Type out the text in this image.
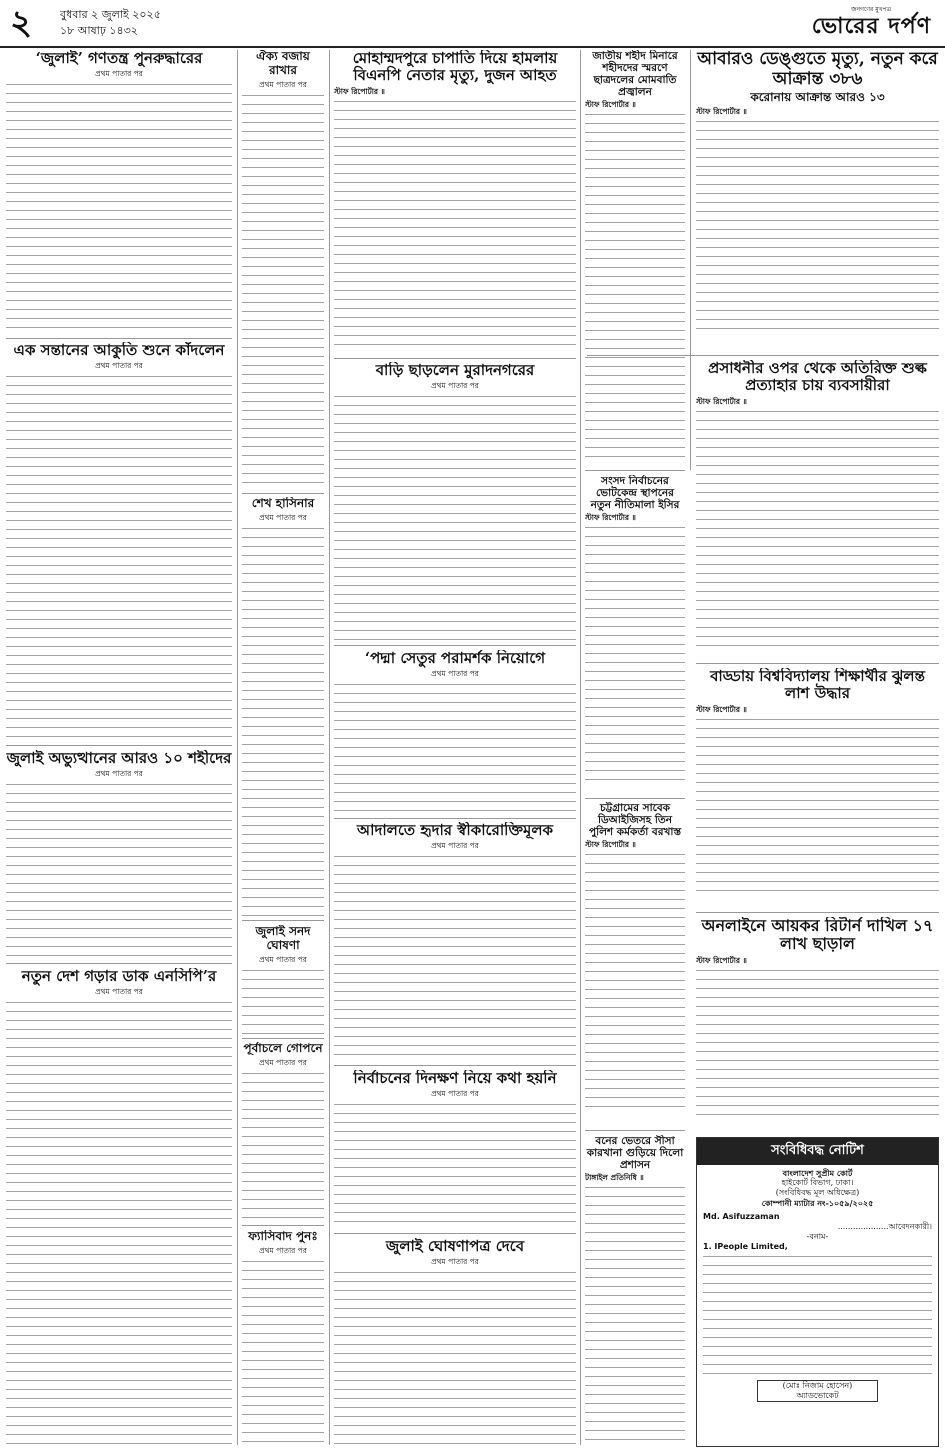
২	বুধবার ২ জুলাই ২০২৫
১৮ আষাঢ় ১৪৩২
জনগণের মুখপত্র
ভোরের দর্পণ
‘জুলাই’ গণতন্ত্র পুনরুদ্ধারের
প্রথম পাতার পর
এক সন্তানের আকুতি শুনে কাঁদলেন
প্রথম পাতার পর
জুলাই অভ্যুত্থানের আরও ১০ শহীদের
প্রথম পাতার পর
নতুন দেশ গড়ার ডাক এনসিপি’র
প্রথম পাতার পর
ঐক্য বজায় রাখার
প্রথম পাতার পর
শেখ হাসিনার
প্রথম পাতার পর
জুলাই সনদ ঘোষণা
প্রথম পাতার পর
পূর্বাচলে গোপনে
প্রথম পাতার পর
ফ্যাসিবাদ পুনঃ
প্রথম পাতার পর
মোহাম্মদপুরে চাপাতি দিয়ে হামলায় বিএনপি নেতার মৃত্যু, দুজন আহত
স্টাফ রিপোর্টার ॥
বাড়ি ছাড়লেন মুরাদনগরের
প্রথম পাতার পর
‘পদ্মা সেতুর পরামর্শক নিয়োগে
প্রথম পাতার পর
আদালতে হৃদার স্বীকারোক্তিমূলক
প্রথম পাতার পর
নির্বাচনের দিনক্ষণ নিয়ে কথা হয়নি
প্রথম পাতার পর
জুলাই ঘোষণাপত্র দেবে
প্রথম পাতার পর
জাতীয় শহীদ মিনারে শহীদদের স্মরণে ছাত্রদলের মোমবাতি প্রজ্বালন
স্টাফ রিপোর্টার ॥
সংসদ নির্বাচনের ভোটকেন্দ্র স্থাপনের নতুন নীতিমালা ইসির
স্টাফ রিপোর্টার ॥
চট্টগ্রামের সাবেক ডিআইজিসহ তিন পুলিশ কর্মকর্তা বরখাস্ত
স্টাফ রিপোর্টার ॥
বনের ভেতরে সীসা কারখানা গুড়িয়ে দিলো প্রশাসন
টাঙ্গাইল প্রতিনিধি ॥
আবারও ডেঙ্গুতে মৃত্যু, নতুন করে আক্রান্ত ৩৮৬
করোনায় আক্রান্ত আরও ১৩
স্টাফ রিপোর্টার ॥
প্রসাধনীর ওপর থেকে অতিরিক্ত শুল্ক প্রত্যাহার চায় ব্যবসায়ীরা
স্টাফ রিপোর্টার ॥
বাড্ডায় বিশ্ববিদ্যালয় শিক্ষার্থীর ঝুলন্ত লাশ উদ্ধার
স্টাফ রিপোর্টার ॥
অনলাইনে আয়কর রিটার্ন দাখিল ১৭ লাখ ছাড়াল
স্টাফ রিপোর্টার ॥
সংবিধিবদ্ধ নোটিশ
বাংলাদেশ সুপ্রীম কোর্ট
হাইকোর্ট বিভাগ, ঢাকা।
(সংবিধিবদ্ধ মূল অধিক্ষেত্র)
কোম্পানী ম্যাটার নং-১০৫৯/২০২৫
Md. Asifuzzaman
....................আবেদনকারী।
-বনাম-
1. IPeople Limited,
(মোঃ নিজাম হোসেন)
অ্যাডভোকেট
